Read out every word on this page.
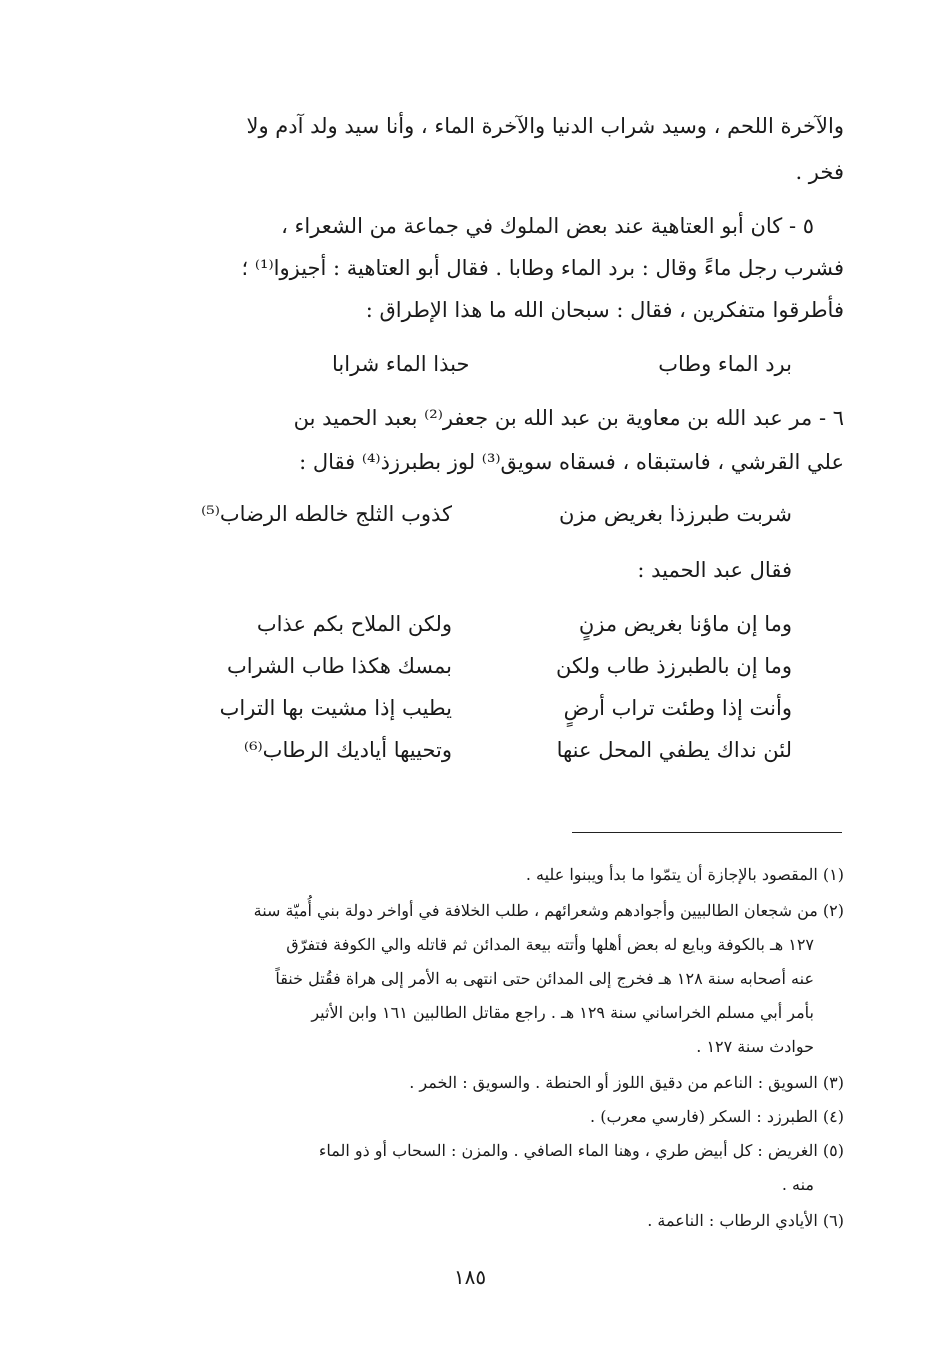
والآخرة اللحم ، وسيد شراب الدنيا والآخرة الماء ، وأنا سيد ولد آدم ولا
فخر .
٥ - كان أبو العتاهية عند بعض الملوك في جماعة من الشعراء ،
فشرب رجل ماءً وقال : برد الماء وطابا . فقال أبو العتاهية : أجيزوا⁽¹⁾ ؛
فأطرقوا متفكرين ، فقال : سبحان الله ما هذا الإطراق :
برد الماء وطاب
حبذا الماء شرابا
٦ - مر عبد الله بن معاوية بن عبد الله بن جعفر⁽²⁾ بعبد الحميد بن
علي القرشي ، فاستبقاه ، فسقاه سويق⁽³⁾ لوز بطبرزذ⁽⁴⁾ فقال :
شربت طبرزذا بغريض مزن
كذوب الثلج خالطه الرضاب⁽⁵⁾
فقال عبد الحميد :
وما إن ماؤنا بغريض مزنٍ
ولكن الملاح بكم عذاب
وما إن بالطبرزذ طاب ولكن
بمسك هكذا طاب الشراب
وأنت إذا وطئت تراب أرضٍ
يطيب إذا مشيت بها التراب
لئن نداك يطفي المحل عنها
وتحييها أياديك الرطاب⁽⁶⁾
(١) المقصود بالإجازة أن يتمّوا ما بدأ ويبنوا عليه .
(٢) من شجعان الطالبيين وأجوادهم وشعرائهم ، طلب الخلافة في أواخر دولة بني أُميّة سنة
١٢٧ هـ بالكوفة وبايع له بعض أهلها وأتته بيعة المدائن ثم قاتله والي الكوفة فتفرّق
عنه أصحابه سنة ١٢٨ هـ فخرج إلى المدائن حتى انتهى به الأمر إلى هراة فقُتل خنقاً
بأمر أبي مسلم الخراساني سنة ١٢٩ هـ . راجع مقاتل الطالبين ١٦١ وابن الأثير
حوادث سنة ١٢٧ .
(٣) السويق : الناعم من دقيق اللوز أو الحنطة . والسويق : الخمر .
(٤) الطبرزد : السكر (فارسي معرب) .
(٥) الغريض : كل أبيض طري ، وهنا الماء الصافي . والمزن : السحاب أو ذو الماء
منه .
(٦) الأيادي الرطاب : الناعمة .
١٨٥
